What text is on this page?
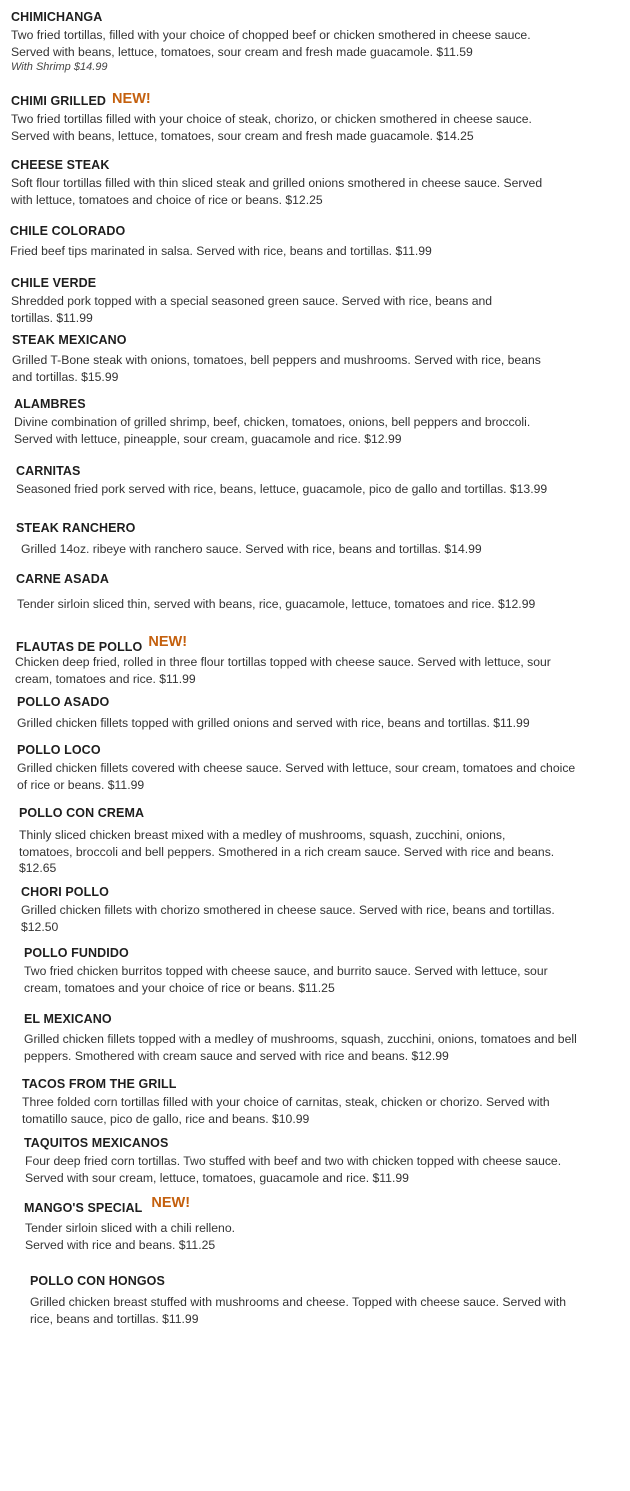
CHIMICHANGA
Two fried tortillas, filled with your choice of chopped beef or chicken smothered in cheese sauce. Served with beans, lettuce, tomatoes, sour cream and fresh made guacamole. $11.59
With Shrimp $14.99
CHIMI GRILLED NEW!
Two fried tortillas filled with your choice of steak, chorizo, or chicken smothered in cheese sauce. Served with beans, lettuce, tomatoes, sour cream and fresh made guacamole. $14.25
CHEESE STEAK
Soft flour tortillas filled with thin sliced steak and grilled onions smothered in cheese sauce. Served with lettuce, tomatoes and choice of rice or beans. $12.25
CHILE COLORADO
Fried beef tips marinated in salsa. Served with rice, beans and tortillas. $11.99
CHILE VERDE
Shredded pork topped with a special seasoned green sauce. Served with rice, beans and tortillas. $11.99
STEAK MEXICANO
Grilled T-Bone steak with onions, tomatoes, bell peppers and mushrooms. Served with rice, beans and tortillas. $15.99
ALAMBRES
Divine combination of grilled shrimp, beef, chicken, tomatoes, onions, bell peppers and broccoli. Served with lettuce, pineapple, sour cream, guacamole and rice. $12.99
CARNITAS
Seasoned fried pork served with rice, beans, lettuce, guacamole, pico de gallo and tortillas. $13.99
STEAK RANCHERO
Grilled 14oz. ribeye with ranchero sauce. Served with rice, beans and tortillas. $14.99
CARNE ASADA
Tender sirloin sliced thin, served with beans, rice, guacamole, lettuce, tomatoes and rice. $12.99
FLAUTAS DE POLLO NEW!
Chicken deep fried, rolled in three flour tortillas topped with cheese sauce. Served with lettuce, sour cream, tomatoes and rice. $11.99
POLLO ASADO
Grilled chicken fillets topped with grilled onions and served with rice, beans and tortillas. $11.99
POLLO LOCO
Grilled chicken fillets covered with cheese sauce. Served with lettuce, sour cream, tomatoes and choice of rice or beans. $11.99
POLLO CON CREMA
Thinly sliced chicken breast mixed with a medley of mushrooms, squash, zucchini, onions, tomatoes, broccoli and bell peppers. Smothered in a rich cream sauce. Served with rice and beans. $12.65
CHORI POLLO
Grilled chicken fillets with chorizo smothered in cheese sauce. Served with rice, beans and tortillas. $12.50
POLLO FUNDIDO
Two fried chicken burritos topped with cheese sauce, and burrito sauce. Served with lettuce, sour cream, tomatoes and your choice of rice or beans. $11.25
EL MEXICANO
Grilled chicken fillets topped with a medley of mushrooms, squash, zucchini, onions, tomatoes and bell peppers. Smothered with cream sauce and served with rice and beans. $12.99
TACOS FROM THE GRILL
Three folded corn tortillas filled with your choice of carnitas, steak, chicken or chorizo. Served with tomatillo sauce, pico de gallo, rice and beans. $10.99
TAQUITOS MEXICANOS
Four deep fried corn tortillas. Two stuffed with beef and two with chicken topped with cheese sauce. Served with sour cream, lettuce, tomatoes, guacamole and rice. $11.99
MANGO'S SPECIAL NEW!
Tender sirloin sliced with a chili relleno. Served with rice and beans. $11.25
POLLO CON HONGOS
Grilled chicken breast stuffed with mushrooms and cheese. Topped with cheese sauce. Served with rice, beans and tortillas. $11.99
